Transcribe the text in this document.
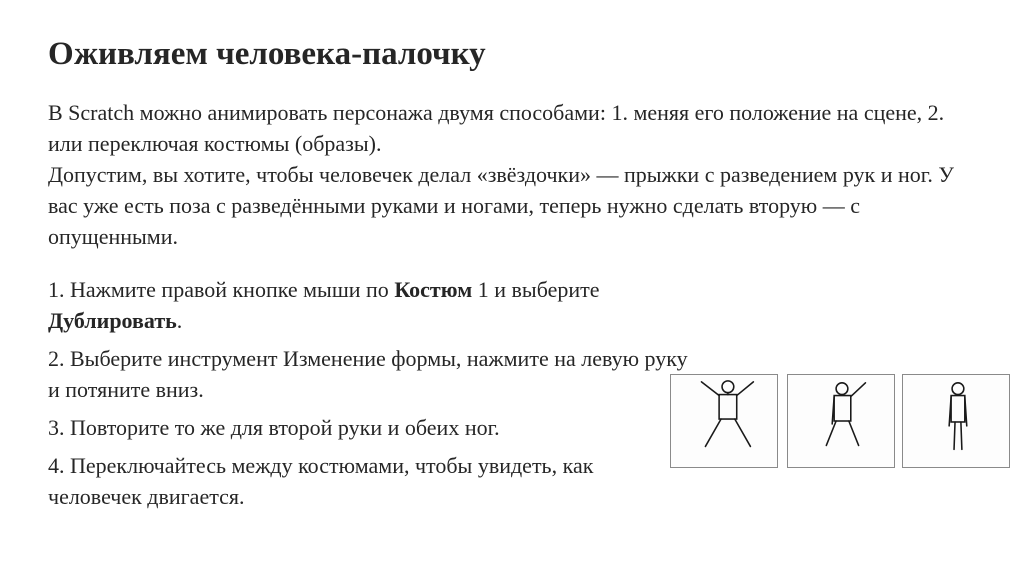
Оживляем человека-палочку

В Scratch можно анимировать персонажа двумя способами: 1. меняя его положение на сцене, 2. или переключая костюмы (образы).

Допустим, вы хотите, чтобы человечек делал «звёздочки» — прыжки с разведением рук и ног. У вас уже есть поза с разведёнными руками и ногами, теперь нужно сделать вторую — с опущенными.

1. Нажмите правой кнопке мыши по Костюм 1 и выберите Дублировать.

2. Выберите инструмент Изменение формы, нажмите на левую руку и потяните вниз.

3. Повторите то же для второй руки и обеих ног.

4. Переключайтесь между костюмами, чтобы увидеть, как человечек двигается.
